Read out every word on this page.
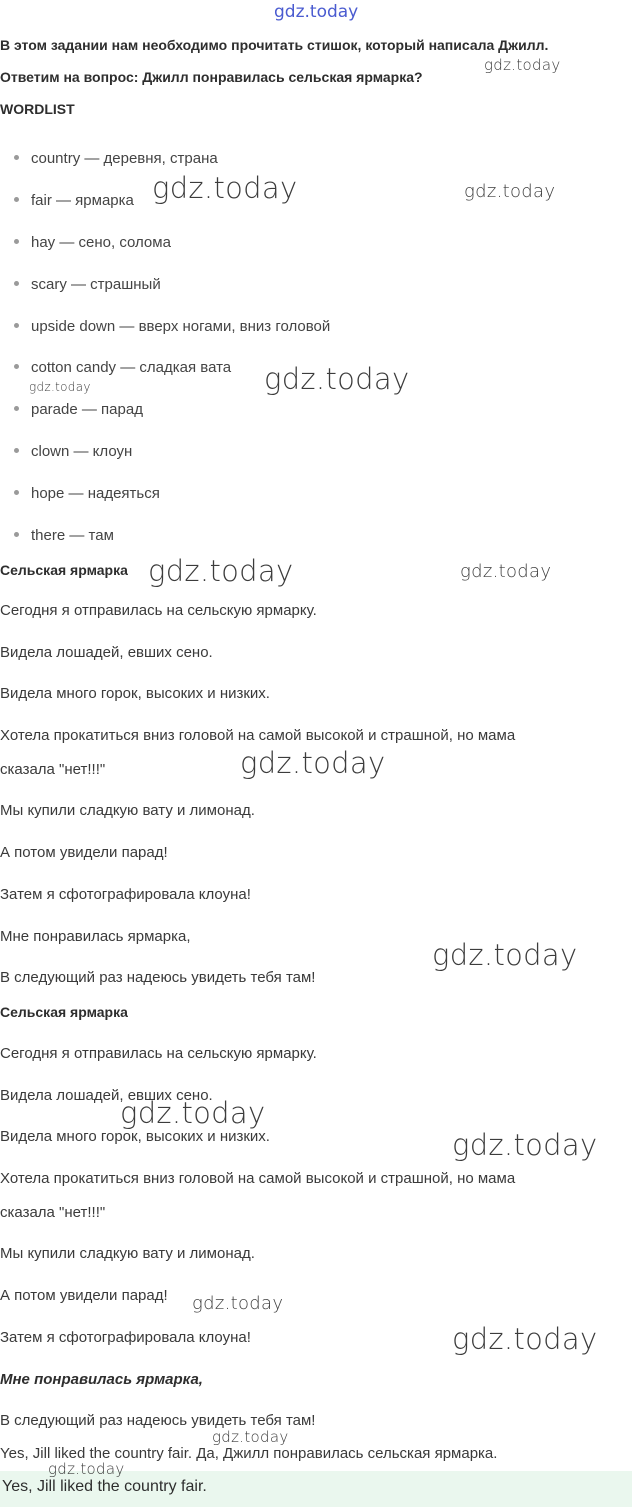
gdz.today
В этом задании нам необходимо прочитать стишок, который написала Джилл.
Ответим на вопрос: Джилл понравилась сельская ярмарка?
WORDLIST
country — деревня, страна
fair — ярмарка
hay — сено, солома
scary — страшный
upside down — вверх ногами, вниз головой
cotton candy — сладкая вата
parade — парад
clown — клоун
hope — надеяться
there — там
Сельская ярмарка
Сегодня я отправилась на сельскую ярмарку.
Видела лошадей, евших сено.
Видела много горок, высоких и низких.
Хотела прокатиться вниз головой на самой высокой и страшной, но мама
сказала "нет!!!"
Мы купили сладкую вату и лимонад.
А потом увидели парад!
Затем я сфотографировала клоуна!
Мне понравилась ярмарка,
В следующий раз надеюсь увидеть тебя там!
Сельская ярмарка
Сегодня я отправилась на сельскую ярмарку.
Видела лошадей, евших сено.
Видела много горок, высоких и низких.
Хотела прокатиться вниз головой на самой высокой и страшной, но мама
сказала "нет!!!"
Мы купили сладкую вату и лимонад.
А потом увидели парад!
Затем я сфотографировала клоуна!
Мне понравилась ярмарка,
В следующий раз надеюсь увидеть тебя там!
Yes, Jill liked the country fair. Да, Джилл понравилась сельская ярмарка.
Yes, Jill liked the country fair.
gdz.today
gdz.today	gdz.today
gdz.today	gdz.today
gdz.today	gdz.today
gdz.today
gdz.today
gdz.today
gdz.today
gdz.today
gdz.today
gdz.today
gdz.today
